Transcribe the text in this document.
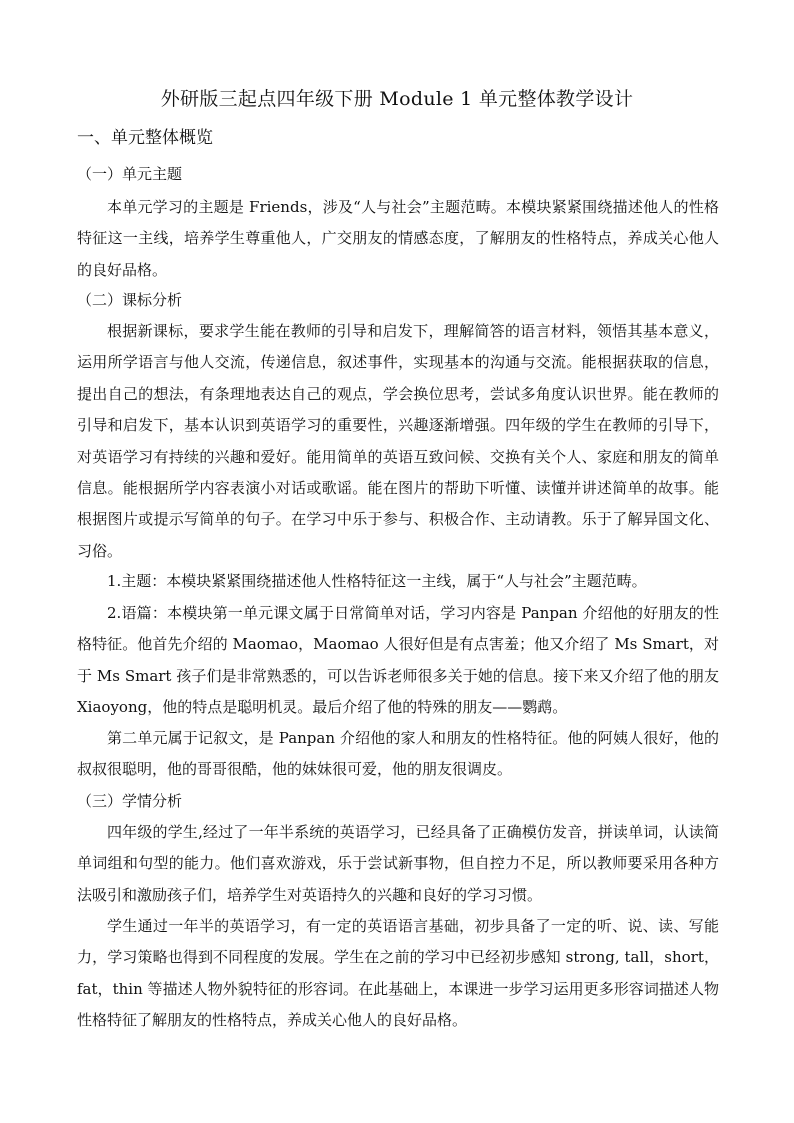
外研版三起点四年级下册 Module 1 单元整体教学设计
一、单元整体概览
（一）单元主题

本单元学习的主题是 Friends，涉及“人与社会”主题范畴。本模块紧紧围绕描述他人的性格特征这一主线，培养学生尊重他人，广交朋友的情感态度，了解朋友的性格特点，养成关心他人的良好品格。

（二）课标分析

根据新课标，要求学生能在教师的引导和启发下，理解简答的语言材料，领悟其基本意义，运用所学语言与他人交流，传递信息，叙述事件，实现基本的沟通与交流。能根据获取的信息，提出自己的想法，有条理地表达自己的观点，学会换位思考，尝试多角度认识世界。能在教师的引导和启发下，基本认识到英语学习的重要性，兴趣逐渐增强。四年级的学生在教师的引导下，对英语学习有持续的兴趣和爱好。能用简单的英语互致问候、交换有关个人、家庭和朋友的简单信息。能根据所学内容表演小对话或歌谣。能在图片的帮助下听懂、读懂并讲述简单的故事。能根据图片或提示写简单的句子。在学习中乐于参与、积极合作、主动请教。乐于了解异国文化、习俗。

1.主题：本模块紧紧围绕描述他人性格特征这一主线，属于“人与社会”主题范畴。

2.语篇：本模块第一单元课文属于日常简单对话，学习内容是 Panpan 介绍他的好朋友的性格特征。他首先介绍的 Maomao，Maomao 人很好但是有点害羞；他又介绍了 Ms Smart，对于 Ms Smart 孩子们是非常熟悉的，可以告诉老师很多关于她的信息。接下来又介绍了他的朋友 Xiaoyong，他的特点是聪明机灵。最后介绍了他的特殊的朋友——鹦鹉。

第二单元属于记叙文，是 Panpan 介绍他的家人和朋友的性格特征。他的阿姨人很好，他的叔叔很聪明，他的哥哥很酷，他的妹妹很可爱，他的朋友很调皮。

（三）学情分析

四年级的学生,经过了一年半系统的英语学习，已经具备了正确模仿发音，拼读单词，认读简单词组和句型的能力。他们喜欢游戏，乐于尝试新事物，但自控力不足，所以教师要采用各种方法吸引和激励孩子们，培养学生对英语持久的兴趣和良好的学习习惯。

学生通过一年半的英语学习，有一定的英语语言基础，初步具备了一定的听、说、读、写能力，学习策略也得到不同程度的发展。学生在之前的学习中已经初步感知 strong, tall，short，fat，thin 等描述人物外貌特征的形容词。在此基础上，本课进一步学习运用更多形容词描述人物性格特征了解朋友的性格特点，养成关心他人的良好品格。
